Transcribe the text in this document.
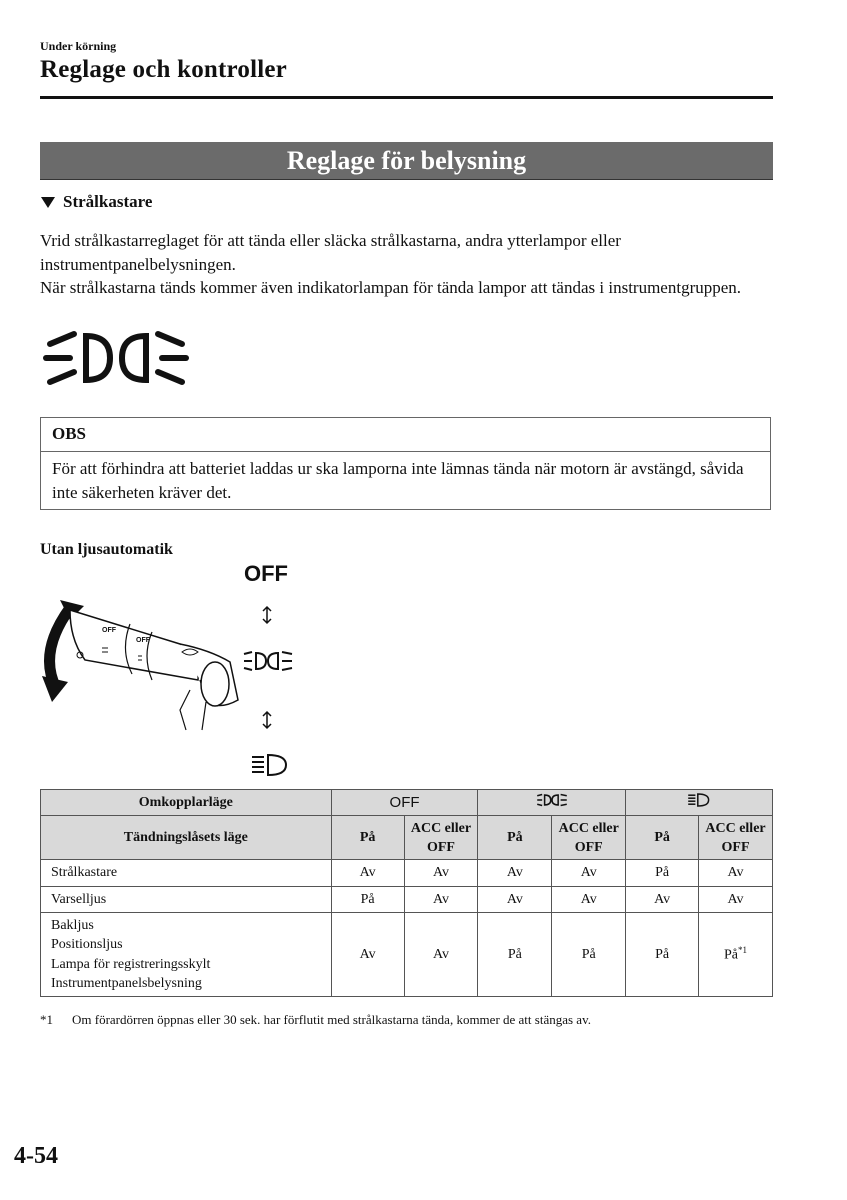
Under körning
Reglage och kontroller
Reglage för belysning
Strålkastare
Vrid strålkastarreglaget för att tända eller släcka strålkastarna, andra ytterlampor eller instrumentpanelbelysningen.
När strålkastarna tänds kommer även indikatorlampan för tända lampor att tändas i instrumentgruppen.
OBS
För att förhindra att batteriet laddas ur ska lamporna inte lämnas tända när motorn är avstängd, såvida inte säkerheten kräver det.
Utan ljusautomatik
OFF
OFF
OFF
Omkopplarläge	OFF		
Tändningslåsets läge	På	ACC eller OFF	På	ACC eller OFF	På	ACC eller OFF
Strålkastare	Av	Av	Av	Av	På	Av
Varselljus	På	Av	Av	Av	Av	Av

Bakljus
Positionsljus
Lampa för registreringsskylt
Instrumentpanelsbelysning	Av	Av	På	På	På	$På^{*1}$
*1 Om förardörren öppnas eller 30 sek. har förflutit med strålkastarna tända, kommer de att stängas av.
4-54
